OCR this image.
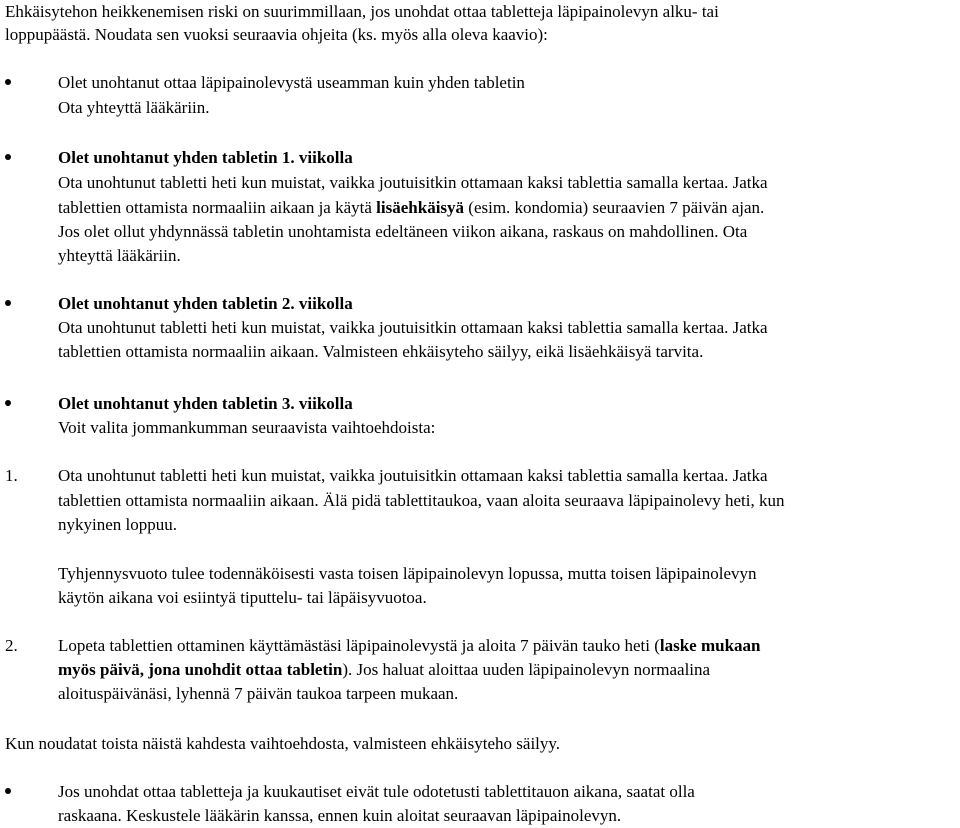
Ehkäisytehon heikkenemisen riski on suurimmillaan, jos unohdat ottaa tabletteja läpipainolevyn alku- tai
loppupäästä. Noudata sen vuoksi seuraavia ohjeita (ks. myös alla oleva kaavio):
Olet unohtanut ottaa läpipainolevystä useamman kuin yhden tabletin
Ota yhteyttä lääkäriin.
Olet unohtanut yhden tabletin 1. viikolla
Ota unohtunut tabletti heti kun muistat, vaikka joutuisitkin ottamaan kaksi tablettia samalla kertaa. Jatka
tablettien ottamista normaaliin aikaan ja käytä lisäehkäisyä (esim. kondomia) seuraavien 7 päivän ajan.
Jos olet ollut yhdynnässä tabletin unohtamista edeltäneen viikon aikana, raskaus on mahdollinen. Ota
yhteyttä lääkäriin.
Olet unohtanut yhden tabletin 2. viikolla
Ota unohtunut tabletti heti kun muistat, vaikka joutuisitkin ottamaan kaksi tablettia samalla kertaa. Jatka
tablettien ottamista normaaliin aikaan. Valmisteen ehkäisyteho säilyy, eikä lisäehkäisyä tarvita.
Olet unohtanut yhden tabletin 3. viikolla
Voit valita jommankumman seuraavista vaihtoehdoista:
1. Ota unohtunut tabletti heti kun muistat, vaikka joutuisitkin ottamaan kaksi tablettia samalla kertaa. Jatka
tablettien ottamista normaaliin aikaan. Älä pidä tablettitaukoa, vaan aloita seuraava läpipainolevy heti, kun
nykyinen loppuu.
Tyhjennysvuoto tulee todennäköisesti vasta toisen läpipainolevyn lopussa, mutta toisen läpipainolevyn
käytön aikana voi esiintyä tiputtelu- tai läpäisyvuotoa.
2. Lopeta tablettien ottaminen käyttämästäsi läpipainolevystä ja aloita 7 päivän tauko heti (laske mukaan
myös päivä, jona unohdit ottaa tabletin). Jos haluat aloittaa uuden läpipainolevyn normaalina
aloituspäivänäsi, lyhennä 7 päivän taukoa tarpeen mukaan.
Kun noudatat toista näistä kahdesta vaihtoehdosta, valmisteen ehkäisyteho säilyy.
Jos unohdat ottaa tabletteja ja kuukautiset eivät tule odotetusti tablettitauon aikana, saatat olla
raskaana. Keskustele lääkärin kanssa, ennen kuin aloitat seuraavan läpipainolevyn.
